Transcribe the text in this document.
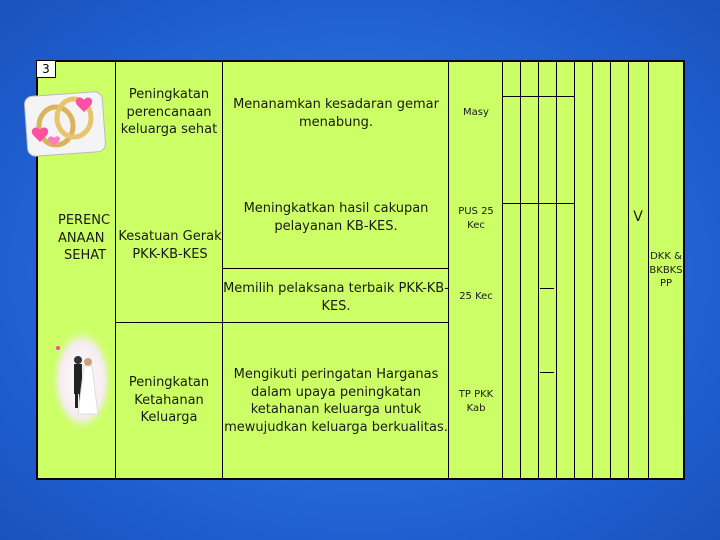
3
PERENC
ANAAN
SEHAT
Kesatuan Gerak
PKK-KB-KES
Peningkatan
perencanaan
keluarga sehat
Peningkatan
Ketahanan
Keluarga
Menanamkan kesadaran gemar
menabung.
Meningkatkan hasil cakupan
pelayanan KB-KES.
Memilih pelaksana terbaik PKK-KB-
KES.
Mengikuti peringatan Harganas
dalam upaya peningkatan
ketahanan keluarga untuk
mewujudkan keluarga berkualitas.
Masy
PUS 25
Kec
25 Kec
TP PKK
Kab
V
DKK &
BKBKS
PP
